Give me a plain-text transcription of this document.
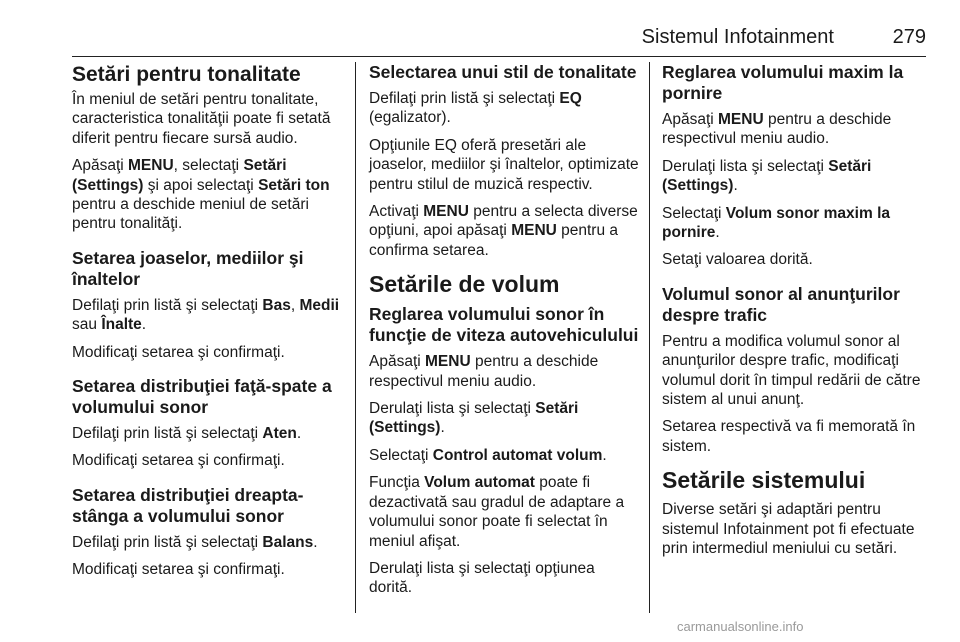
Sistemul Infotainment	279
Setări pentru tonalitate

În meniul de setări pentru tonalitate, caracteristica tonalităţii poate fi setată diferit pentru fiecare sursă audio.

Apăsaţi MENU, selectaţi Setări (Settings) şi apoi selectaţi Setări ton pentru a deschide meniul de setări pentru tonalităţi.

Setarea joaselor, mediilor şi înaltelor

Defilaţi prin listă şi selectaţi Bas, Medii sau Înalte.

Modificaţi setarea şi confirmaţi.

Setarea distribuţiei faţă-spate a volumului sonor

Defilaţi prin listă şi selectaţi Aten.

Modificaţi setarea şi confirmaţi.

Setarea distribuţiei dreapta-stânga a volumului sonor

Defilaţi prin listă şi selectaţi Balans.

Modificaţi setarea şi confirmaţi.

Selectarea unui stil de tonalitate

Defilaţi prin listă şi selectaţi EQ (egalizator).

Opţiunile EQ oferă presetări ale joaselor, mediilor şi înaltelor, optimizate pentru stilul de muzică respectiv.

Activaţi MENU pentru a selecta diverse opţiuni, apoi apăsaţi MENU pentru a confirma setarea.

Setările de volum
Reglarea volumului sonor în funcţie de viteza autovehiculului

Apăsaţi MENU pentru a deschide respectivul meniu audio.

Derulaţi lista şi selectaţi Setări (Settings).

Selectaţi Control automat volum.

Funcţia Volum automat poate fi dezactivată sau gradul de adaptare a volumului sonor poate fi selectat în meniul afişat.

Derulaţi lista şi selectaţi opţiunea dorită.

Reglarea volumului maxim la pornire

Apăsaţi MENU pentru a deschide respectivul meniu audio.

Derulaţi lista şi selectaţi Setări (Settings).

Selectaţi Volum sonor maxim la pornire.

Setaţi valoarea dorită.

Volumul sonor al anunţurilor despre trafic

Pentru a modifica volumul sonor al anunţurilor despre trafic, modificaţi volumul dorit în timpul redării de către sistem al unui anunţ.

Setarea respectivă va fi memorată în sistem.

Setările sistemului

Diverse setări şi adaptări pentru sistemul Infotainment pot fi efectuate prin intermediul meniului cu setări.

carmanualsonline.info
